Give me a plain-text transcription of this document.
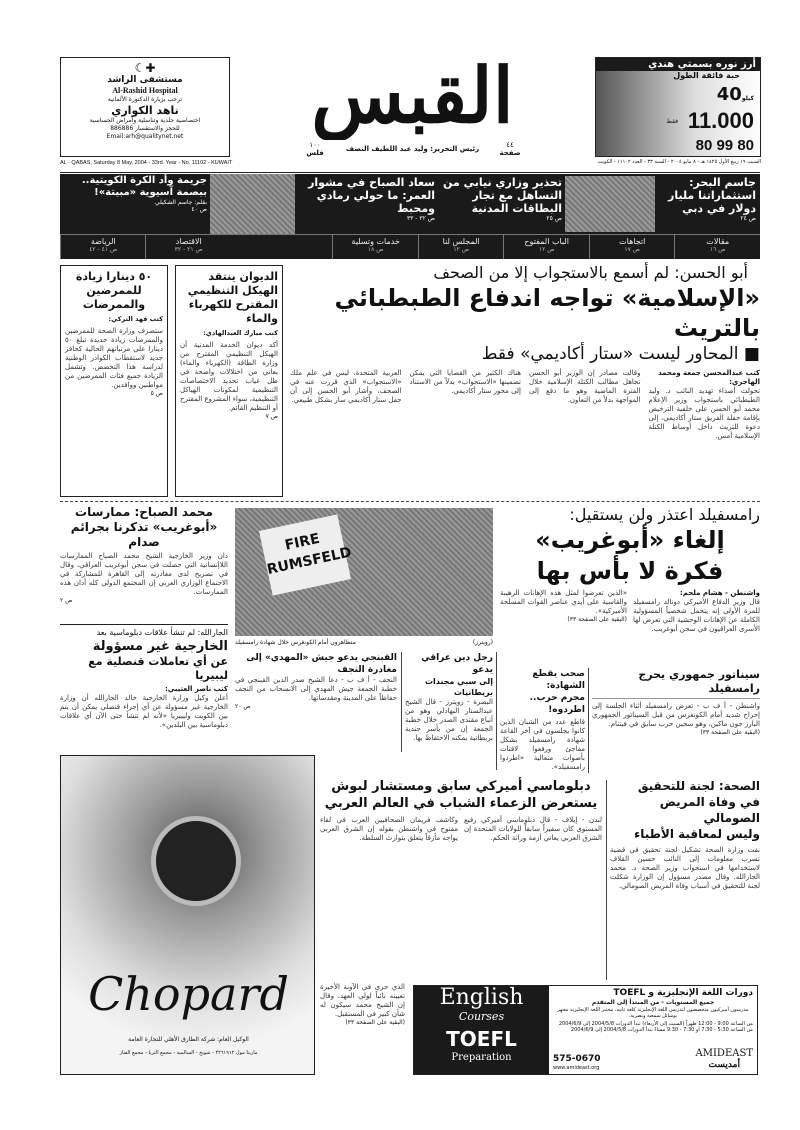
☾✚
مستشفى الراشد
Al-Rashid Hospital
ترحب بزيارة الدكتورة الألمانية
ناهد الكواري
اختصاصية جلدية وتناسلية وأمراض الحساسية
للحجز والاستفسار 886886
Email:arh@qualitynet.net	القبس
١٠٠
فلس	رئيس التحرير: وليد عبد اللطيف النصف	٤٤
صفحة
أرز نوره بسمتي هندي
حبة فائقة الطول
40كيلو
فقط 11.000
80 99 80
AL - QABAS, Saturday 8 May, 2004 - 33rd. Year - No. 11102 - KUWAIT	السبت ١٩ ربيع الأول ١٤٢٥ هـ - ٨ مايو ٢٠٠٤ - السنة ٣٣ - العدد ١١١٠٢ - الكويت
جاسم البحر: استثماراتنا مليار دولار في دبي
ص ٢٤
تحذير وزاري نيابي من التساهل مع تجار البطاقات المدنية
ص ٢٥
سعاد الصباح في مشوار العمر: ما حولي رمادي ومحبط
ص ٣٢ - ٣٣
جريمة وأد الكرة الكويتية.. ببصمة آسيوية «مبيتة»!
بقلم: جاسم الشكيلي
ص ٤٠
مقالات
ص ١٦
اتجاهات
ص ١٧
الباب المفتوح
ص ١٢
المجلس لنا
ص ١٢
خدمات وتسلية
ص ١٨
الاقتصاد
ص ٢١ - ٣٢
الرياضة
ص ٤١ - ٤٢
أبو الحسن: لم أسمع بالاستجواب إلا من الصحف
«الإسلامية» تواجه اندفاع الطبطبائي بالتريث
■ المحاور ليست «ستار أكاديمي» فقط
كتب عبدالمحسن جمعة ومحمد الهاجري:
تحولت أصداء تهديد النائب د. وليد الطبطبائي باستجواب وزير الإعلام محمد أبو الحسن على خلفية الترخيص بإقامة حفلة الفريق ستار أكاديمي، إلى دعوة للتريث داخل أوساط الكتلة الإسلامية أمس.
وقالت مصادر إن الوزير أبو الحسن تجاهل مطالب الكتلة الإسلامية خلال الفترة الماضية وهو ما دفع إلى المواجهة بدلاً من التعاون.
هناك الكثير من القضايا التي يمكن تضمينها «الاستجواب» بدلاً من الاستناد إلى محور ستار أكاديمي.
العربية المتحدة، ليس في علم ملك «الاستجواب» الذي قررت عنه في الصحف، وأشار أبو الحسن إلى أن حفل ستار أكاديمي سار بشكل طبيعي.
الديوان ينتقد الهيكل التنظيمي المقترح للكهرباء والماء
كتب مبارك العبدالهادي:
أكد ديوان الخدمة المدنية أن الهيكل التنظيمي المقترح من وزارة الطاقة (الكهرباء والماء) يعاني من اختلالات واضحة في ظل غياب تحديد الاختصاصات التنظيمية لمكونات الهياكل التنظيمية، سواء المشروع المقترح أو التنظيم القائم.
ص ٧
٥٠ دينارا زيادة للممرضين والممرضات
كتب فهد التركي:
ستصرف وزارة الصحة للممرضين والممرضات زيادة جديدة تبلغ ٥٠ دينارا على مرتباتهم الحالية كحافز جديد لاستقطاب الكوادر الوطنية لدراسة هذا التخصص. وتشمل الزيادة جميع فئات الممرضين من مواطنين ووافدين.
ص ٥
رامسفيلد اعتذر ولن يستقيل:
إلغاء «أبوغريب»
فكرة لا بأس بها
واشنطن - هشام ملحم:
قال وزير الدفاع الأميركي دونالد رامسفيلد للمرة الأولى إنه يتحمل شخصياً المسؤولية الكاملة عن الإهانات الوحشية التي تعرض لها الأسرى العراقيون في سجن أبوغريب.
«الذين تعرضوا لمثل هذه الإهانات الرهيبة والقاسية على أيدي عناصر القوات المسلحة الأميركية».
(البقية على الصفحة ٣٣)
FIRE RUMSFELD
متظاهرون أمام الكونغرس خلال شهادة رامسفيلد	(رويترز)
محمد الصباح: ممارسات
«أبوغريب» تذكرنا بجرائم صدام
دان وزير الخارجية الشيخ محمد الصباح الممارسات اللاإنسانية التي حصلت في سجن أبوغريب العراقي، وقال في تصريح لدى مغادرته إلى القاهرة للمشاركة في الاجتماع الوزاري العربي إن المجتمع الدولي كله أدان هذه الممارسات.
ص ٢
الجارالله: لم تنشأ علاقات دبلوماسية بعد
الخارجية غير مسؤولة
عن أي تعاملات قنصلية مع ليبيريا
كتب ناصر العتيبي:
أعلن وكيل وزارة الخارجية خالد الجارالله أن وزارة الخارجية غير مسؤولة عن أي إجراء قنصلي يمكن أن يتم بين الكويت وليبيريا «لأنه لم تنشأ حتى الآن أي علاقات دبلوماسية بين البلدين».
سيناتور جمهوري يحرج رامسفيلد
واشنطن - أ ف ب - تعرض رامسفيلد أثناء الجلسة إلى إحراج شديد أمام الكونغرس من قبل السيناتور الجمهوري البارز جون ماكين، وهو سجين حرب سابق في فيتنام.
(البقية على الصفحة ٣٣)
صحب يقطع الشهادة:
مجرم حرب.. اطردوه!
قاطع عدد من الشبان الذين كانوا يجلسون في آخر القاعة شهادة رامسفيلد بشكل مفاجئ ورفعوا لافتات بأصوات متعالية «اطردوا رامسفيلد».
رجل دين عراقي يدعو
إلى سبي مجندات بريطانيات
البصرة - رويترز - قال الشيخ عبدالستار البهادلي وهو من أتباع مقتدى الصدر خلال خطبة الجمعة إن من يأسر جندية بريطانية يمكنه الاحتفاظ بها.
القبنجي يدعو جيش «المهدي» إلى مغادرة النجف
النجف - أ ف ب - دعا الشيخ صدر الدين القبنجي في خطبة الجمعة جيش المهدي إلى الانسحاب من النجف حفاظاً على المدينة ومقدساتها.
ص ٢٠
Chopard
الوكيل العام: شركة الطارق الأهلي للتجارة العامة
مارينا مول ٢٢٦١٩١٢ - شويخ - السالمية - مجمع الثريا - مجمع الفنار
دبلوماسي أميركي سابق ومستشار لبوش
يستعرض الزعماء الشباب في العالم العربي
لندن - إيلاف - قال دبلوماسي أميركي رفيع المستوى كان سفيراً سابقاً للولايات المتحدة إن الشرق العربي يعاني أزمة وراثة الحكم.
وكاشف فريمان الصحافيين العرب في لقاء مفتوح في واشنطن بقوله إن الشرق العربي يواجه مأزقاً يتعلق بتوارث السلطة.
الذي جرى في الآونة الأخيرة تعيينه نائباً لولي العهد، وقال إن الشيخ محمد سيكون له شأن كبير في المستقبل.
(البقية على الصفحة ٣٣)
الصحة: لجنة للتحقيق
في وفاة المريض الصومالي
وليس لمعاقبة الأطباء
نفت وزارة الصحة تشكيل لجنة تحقيق في قضية تسرب معلومات إلى النائب حسين القلاف لاستخدامها في استجواب وزير الصحة د. محمد الجارالله. وقال مصدر مسؤول إن الوزارة شكلت لجنة للتحقيق في أسباب وفاة المريض الصومالي.
English
Courses
TOEFL
Preparation
دورات اللغة الإنجليزية و TOEFL
جميع المستويات - من المبتدأ إلى المتقدم
مدرسون أميركيون متخصصون لتدريس اللغة الإنجليزية كلغة ثانية، مختبر اللغة الإنجليزية مجهز بوسائل سمعية وبصرية.
من الساعة 9:00 - 12:00 ظهراً (السبت إلى الأربعاء) تبدأ الدورات 2004/5/8 إلى 2004/6/9
من الساعة 5:30 - 7:30 أو 7:30 - 9:30 مساءً تبدأ الدورات 2004/5/8 إلى 2004/6/9
575-0670
www.amideast.org
AMIDEAST
أمديست
